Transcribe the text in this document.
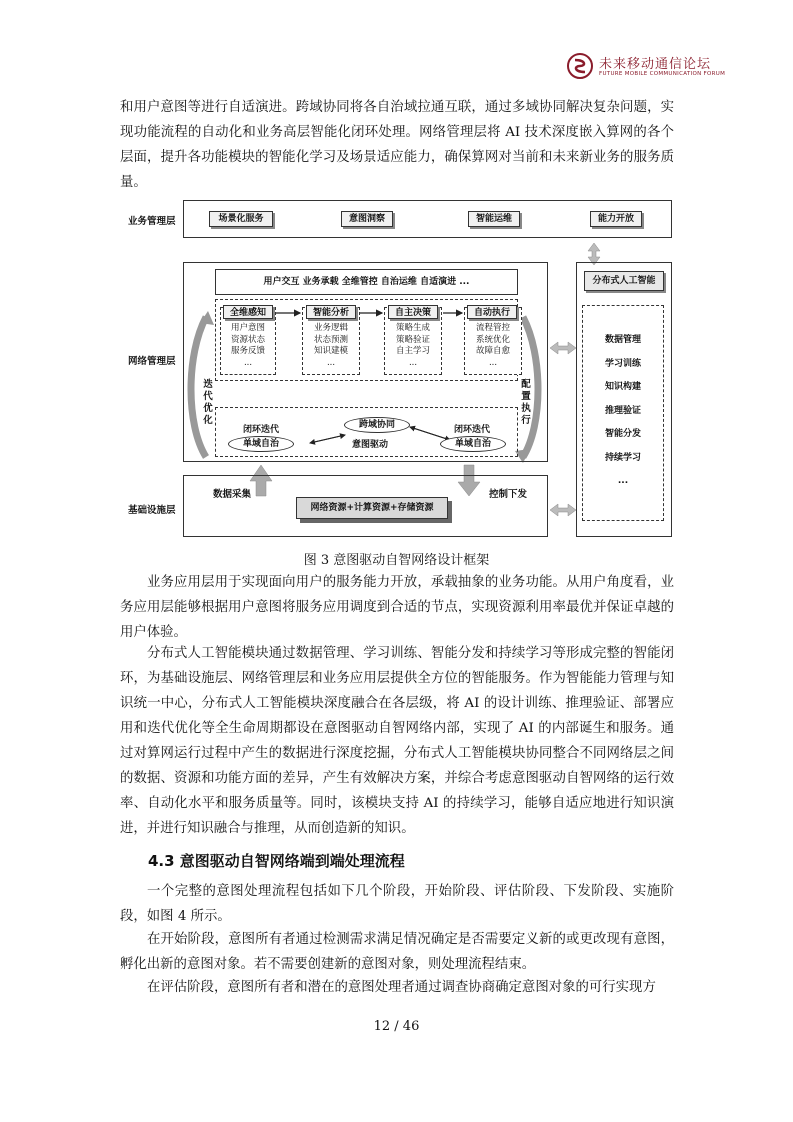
未来移动通信论坛
FUTURE MOBILE COMMUNICATION FORUM

和用户意图等进行自适演进。跨域协同将各自治域拉通互联，通过多域协同解决复杂问题，实现功能流程的自动化和业务高层智能化闭环处理。网络管理层将 AI 技术深度嵌入算网的各个层面，提升各功能模块的智能化学习及场景适应能力，确保算网对当前和未来新业务的服务质量。

业务管理层
网络管理层
基础设施层
场景化服务	意图洞察	智能运维	能力开放
用户交互 业务承载 全维管控 自治运维 自适演进 ...
全维感知
用户意图
资源状态
服务反馈
...
智能分析
业务逻辑
状态预测
知识建模
...
自主决策
策略生成
策略验证
自主学习
...
自动执行
流程管控
系统优化
故障自愈
...
迭代优化
配置执行
闭环迭代
单域自治
跨域协同
意图驱动
闭环迭代
单域自治
数据采集	控制下发
网络资源+计算资源+存储资源
分布式人工智能
数据管理
学习训练
知识构建
推理验证
智能分发
持续学习
...
图 3 意图驱动自智网络设计框架

业务应用层用于实现面向用户的服务能力开放，承载抽象的业务功能。从用户角度看，业务应用层能够根据用户意图将服务应用调度到合适的节点，实现资源利用率最优并保证卓越的用户体验。

分布式人工智能模块通过数据管理、学习训练、智能分发和持续学习等形成完整的智能闭环，为基础设施层、网络管理层和业务应用层提供全方位的智能服务。作为智能能力管理与知识统一中心，分布式人工智能模块深度融合在各层级，将 AI 的设计训练、推理验证、部署应用和迭代优化等全生命周期都设在意图驱动自智网络内部，实现了 AI 的内部诞生和服务。通过对算网运行过程中产生的数据进行深度挖掘，分布式人工智能模块协同整合不同网络层之间的数据、资源和功能方面的差异，产生有效解决方案，并综合考虑意图驱动自智网络的运行效率、自动化水平和服务质量等。同时，该模块支持 AI 的持续学习，能够自适应地进行知识演进，并进行知识融合与推理，从而创造新的知识。

4.3 意图驱动自智网络端到端处理流程

一个完整的意图处理流程包括如下几个阶段，开始阶段、评估阶段、下发阶段、实施阶段，如图 4 所示。

在开始阶段，意图所有者通过检测需求满足情况确定是否需要定义新的或更改现有意图，孵化出新的意图对象。若不需要创建新的意图对象，则处理流程结束。

在评估阶段，意图所有者和潜在的意图处理者通过调查协商确定意图对象的可行实现方

12 / 46
